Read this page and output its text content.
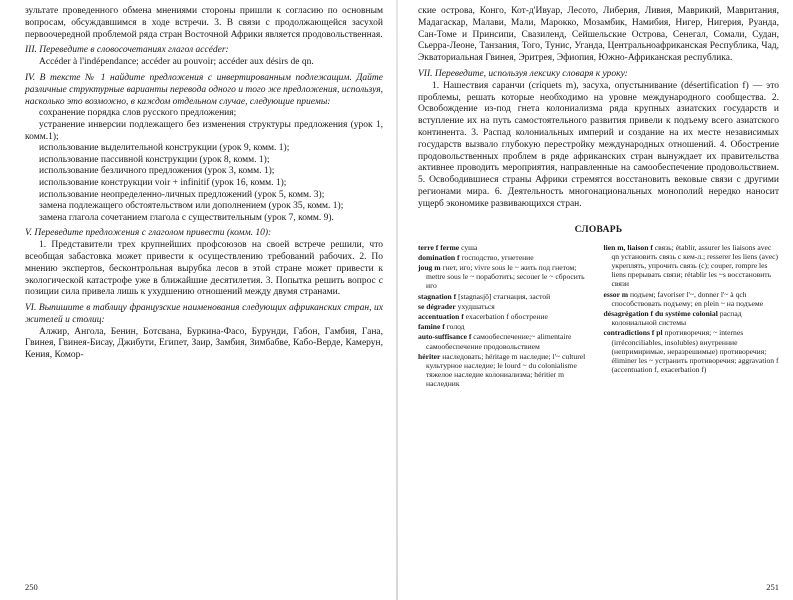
зультате проведенного обмена мнениями стороны пришли к согласию по основным вопросам, обсуждавшимся в ходе встречи. 3. В связи с продолжающейся засухой первоочередной проблемой ряда стран Восточной Африки является продовольственная.

III. Переведите в словосочетаниях глагол accéder:

Accéder à l'indépendance; accéder au pouvoir; accéder aux désirs de qn.

IV. В тексте № 1 найдите предложения с инвертированным подлежащим. Дайте различные структурные варианты перевода одного и того же предложения, используя, насколько это возможно, в каждом отдельном случае, следующие приемы:

сохранение порядка слов русского предложения;

устранение инверсии подлежащего без изменения структуры предложения (урок 1, комм.1);

использование выделительной конструкции (урок 9, комм. 1);

использование пассивной конструкции (урок 8, комм. 1);

использование безличного предложения (урок 3, комм. 1);

использование конструкции voir + infinitif (урок 16, комм. 1);

использование неопределенно-личных предложений (урок 5, комм. 3);

замена подлежащего обстоятельством или дополнением (урок 35, комм. 1);

замена глагола сочетанием глагола с существительным (урок 7, комм. 9).

V. Переведите предложения с глаголом привести (комм. 10):

1. Представители трех крупнейших профсоюзов на своей встрече решили, что всеобщая забастовка может привести к осуществлению требований рабочих. 2. По мнению экспертов, бесконтрольная вырубка лесов в этой стране может привести к экологической катастрофе уже в ближайшие десятилетия. 3. Попытка решить вопрос с позиции сила привела лишь к ухудшению отношений между двумя странами.

VI. Выпишите в таблицу французские наименования следующих африканских стран, их жителей и столиц:

Алжир, Ангола, Бенин, Ботсвана, Буркина-Фасо, Бурунди, Габон, Гамбия, Гана, Гвинея, Гвинея-Бисау, Джибути, Египет, Заир, Замбия, Зимбабве, Кабо-Верде, Камерун, Кения, Комор-

250

ские острова, Конго, Кот-д'Ивуар, Лесото, Либерия, Ливия, Маврикий, Мавритания, Мадагаскар, Малави, Мали, Марокко, Мозамбик, Намибия, Нигер, Нигерия, Руанда, Сан-Томе и Принсипи, Свазиленд, Сейшельские Острова, Сенегал, Сомали, Судан, Сьерра-Леоне, Танзания, Того, Тунис, Уганда, Центральноафриканская Республика, Чад, Экваториальная Гвинея, Эритрея, Эфиопия, Южно-Африканская республика.

VII. Переведите, используя лексику словаря к уроку:

1. Нашествия саранчи (criquets m), засуха, опустынивание (désertification f) — это проблемы, решать которые необходимо на уровне международного сообщества. 2. Освобождение из-под гнета колониализма ряда крупных азиатских государств и вступление их на путь самостоятельного развития привели к подъему всего азиатского континента. 3. Распад колониальных империй и создание на их месте независимых государств вызвало глубокую перестройку международных отношений. 4. Обострение продовольственных проблем в ряде африканских стран вынуждает их правительства активнее проводить мероприятия, направленные на самообеспечение продовольствием. 5. Освободившиеся страны Африки стремятся восстановить вековые связи с другими регионами мира. 6. Деятельность многонациональных монополий нередко наносит ущерб экономике развивающихся стран.

СЛОВАРЬ

terre f ferme суша

domination f господство, угнетение

joug m гнет, иго; vivre sous le ~ жить под гнетом; mettre sous le ~ поработить; secouer le ~ сбросить иго

stagnation f [stagnasjõ] стагнация, застой

se dégrader ухудшаться

accentuation f exacerbation f обострение

famine f голод

auto-suffisance f самообеспечение;~ alimentaire самообеспечение продовольствием

hériter наследовать; héritage m наследие; l'~ culturel культурное наследие; le lourd ~ du colonialisme тяжелое наследие колониализма; héritier m наследник

lien m, liaison f связь; établir, assurer les liaisons avec qn установить связь с кем-л.; resserer les liens (avec) укреплять, упрочить связь (с); couper, rompre les liens прерывать связи; rétablir les ~s восстановить связи

essor m подъем; favoriser l'~, donner l'~ à qch способствовать подъему; en plein ~ на подъеме

désagrégation f du système colonial распад колониальной системы

contradictions f pl противоречия; ~ internes (irréconciliables, insolubles) внутренние (непримиримые, неразрешимые) противоречия; éliminer les ~ устранить противоречия; aggravation f (accentuation f, exacerbation f)

251
